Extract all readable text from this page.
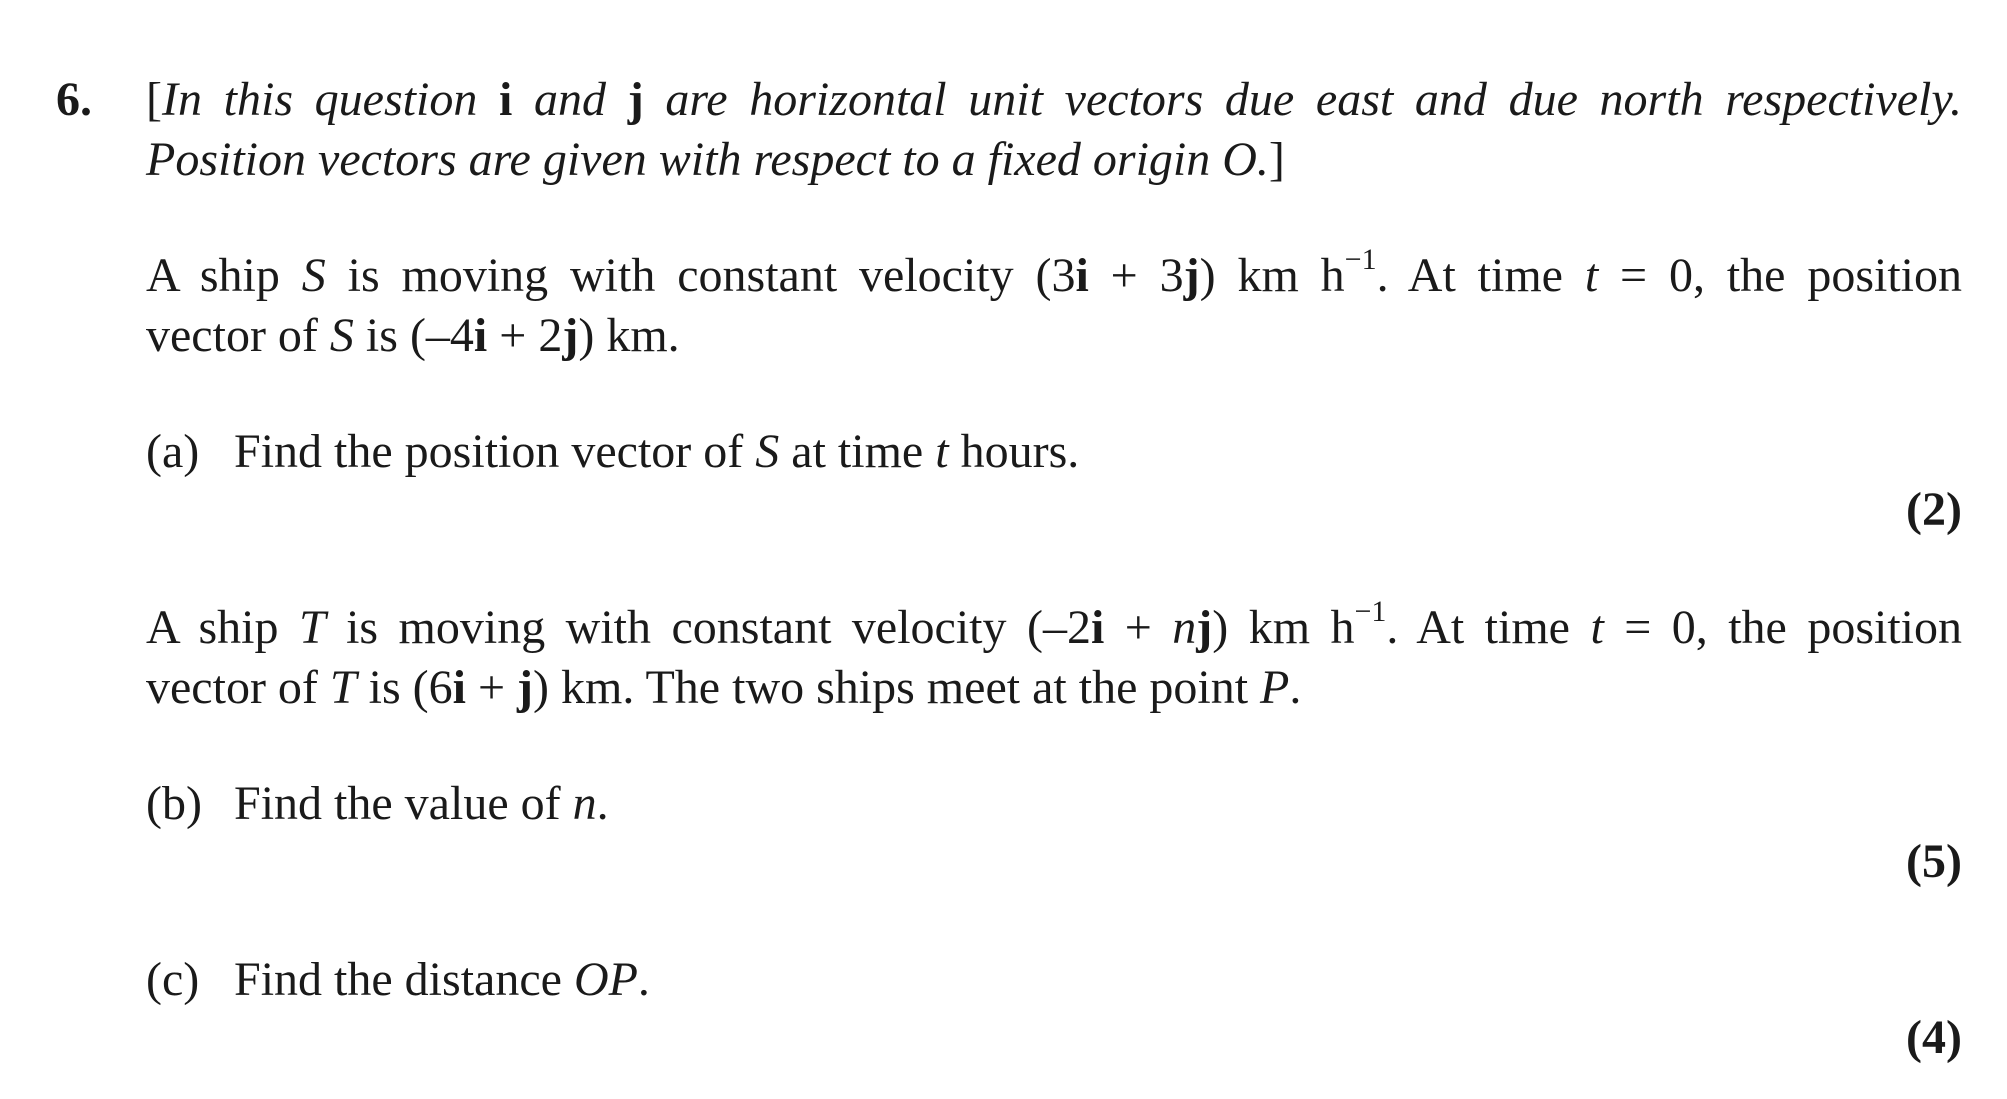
6. [In this question i and j are horizontal unit vectors due east and due north respectively.
Position vectors are given with respect to a fixed origin O.]
A ship S is moving with constant velocity (3i + 3j) km $h^{-1}$. At time t = 0, the position
vector of S is (–4i + 2j) km.
(a) Find the position vector of S at time t hours.
(2)
A ship T is moving with constant velocity (–2i + nj) km $h^{-1}$. At time t = 0, the position
vector of T is (6i + j) km. The two ships meet at the point P.
(b) Find the value of n.
(5)
(c) Find the distance OP.
(4)
